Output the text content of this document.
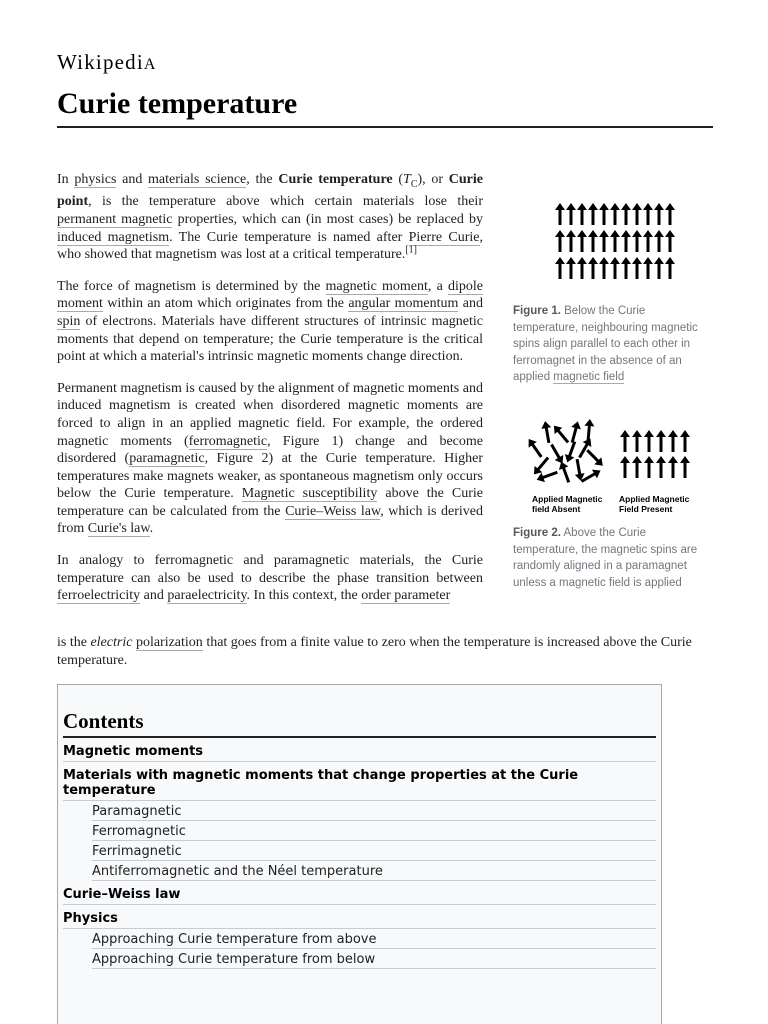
WikipediA
Curie temperature

In physics and materials science, the Curie temperature $(T_C)$, or Curie point, is the temperature above which certain materials lose their permanent magnetic properties, which can (in most cases) be replaced by induced magnetism. The Curie temperature is named after Pierre Curie, who showed that magnetism was lost at a critical temperature.[1]

The force of magnetism is determined by the magnetic moment, a dipole moment within an atom which originates from the angular momentum and spin of electrons. Materials have different structures of intrinsic magnetic moments that depend on temperature; the Curie temperature is the critical point at which a material's intrinsic magnetic moments change direction.

Permanent magnetism is caused by the alignment of magnetic moments and induced magnetism is created when disordered magnetic moments are forced to align in an applied magnetic field. For example, the ordered magnetic moments (ferromagnetic, Figure 1) change and become disordered (paramagnetic, Figure 2) at the Curie temperature. Higher temperatures make magnets weaker, as spontaneous magnetism only occurs below the Curie temperature. Magnetic susceptibility above the Curie temperature can be calculated from the Curie–Weiss law, which is derived from Curie's law.

In analogy to ferromagnetic and paramagnetic materials, the Curie temperature can also be used to describe the phase transition between ferroelectricity and paraelectricity. In this context, the order parameter

is the electric polarization that goes from a finite value to zero when the temperature is increased above the Curie temperature.
Figure 1. Below the Curie temperature, neighbouring magnetic spins align parallel to each other in ferromagnet in the absence of an applied magnetic field
Applied Magnetic
field Absent
Applied Magnetic
Field Present
Figure 2. Above the Curie temperature, the magnetic spins are randomly aligned in a paramagnet unless a magnetic field is applied
Contents
Magnetic moments
Materials with magnetic moments that change properties at the Curie temperature
Paramagnetic
Ferromagnetic
Ferrimagnetic
Antiferromagnetic and the Néel temperature
Curie–Weiss law
Physics
Approaching Curie temperature from above
Approaching Curie temperature from below
